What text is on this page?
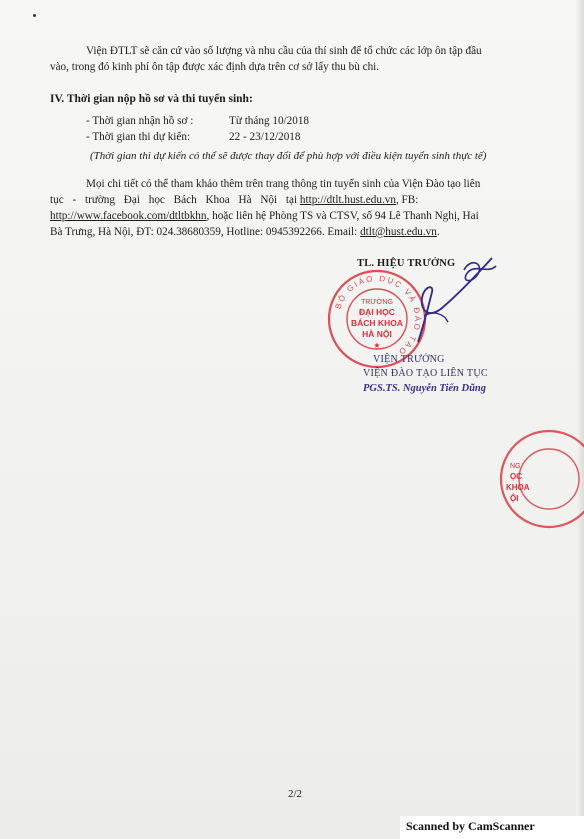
Viện ĐTLT sẽ căn cứ vào số lượng và nhu cầu của thí sinh để tổ chức các lớp ôn tập đầu
vào, trong đó kinh phí ôn tập được xác định dựa trên cơ sở lấy thu bù chi.
IV. Thời gian nộp hồ sơ và thi tuyển sinh:
- Thời gian nhận hồ sơ :	Từ tháng 10/2018
- Thời gian thi dự kiến:	22 - 23/12/2018
(Thời gian thi dự kiến có thể sẽ được thay đổi để phù hợp với điều kiện tuyển sinh thực tế)
Mọi chi tiết có thể tham khảo thêm trên trang thông tin tuyển sinh của Viện Đào tạo liên
tục - trường Đại học Bách Khoa Hà Nội tại http://dtlt.hust.edu.vn, FB:
http://www.facebook.com/dtltbkhn, hoặc liên hệ Phòng TS và CTSV, số 94 Lê Thanh Nghị, Hai
Bà Trưng, Hà Nội, ĐT: 024.38680359, Hotline: 0945392266. Email: dtlt@hust.edu.vn.
BỘ GIÁO DỤC VÀ ĐÀO TẠO
TRƯỜNG
ĐẠI HỌC
BÁCH KHOA
HÀ NỘI
★
TL. HIỆU TRƯỞNG
VIỆN TRƯỞNG
VIỆN ĐÀO TẠO LIÊN TỤC
PGS.TS. Nguyễn Tiến Dũng
NG
ỌC
KHOA
ỘI
2/2
Scanned by CamScanner
